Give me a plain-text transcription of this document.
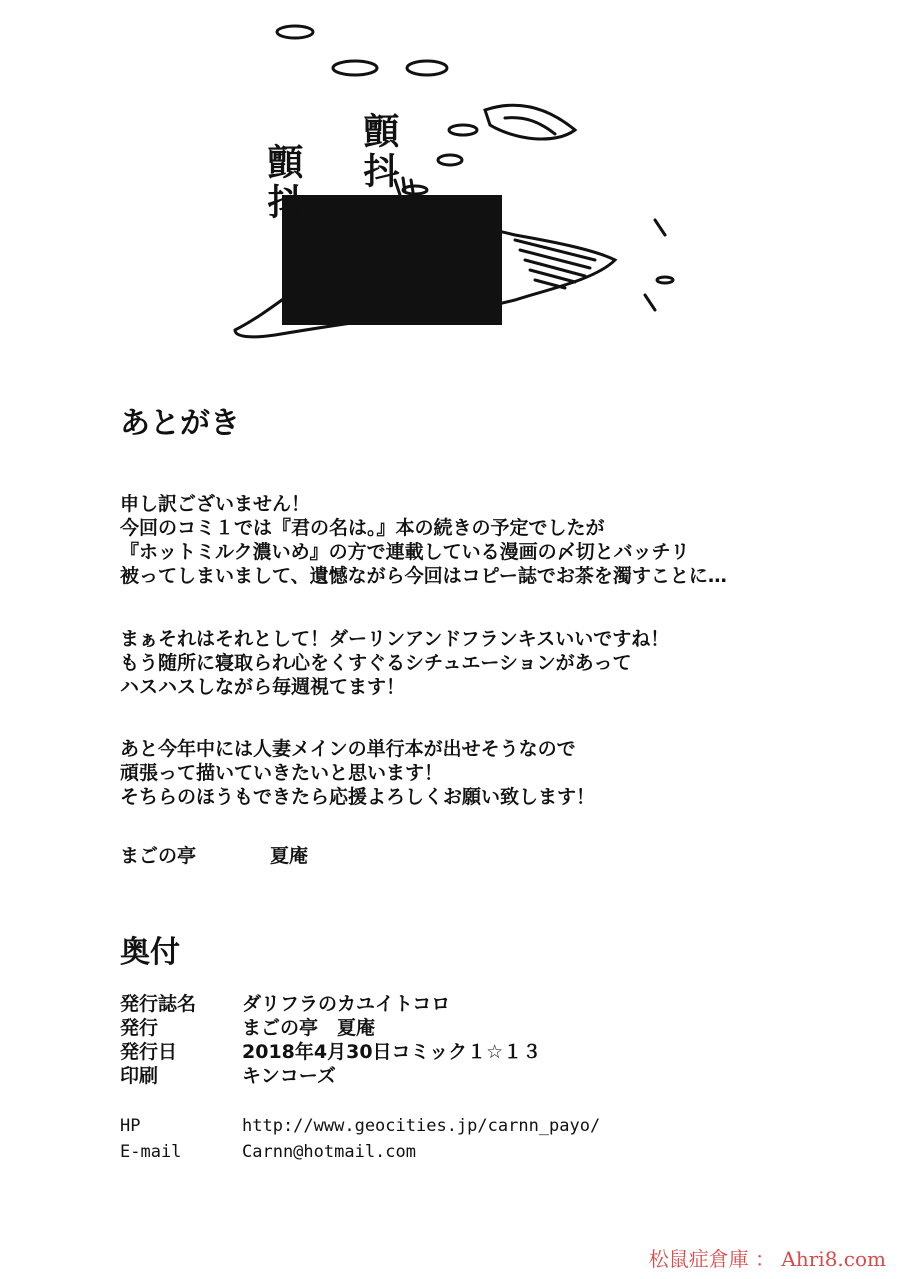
顫抖
顫抖
あとがき
申し訳ございません！
今回のコミ１では『君の名は。』本の続きの予定でしたが
『ホットミルク濃いめ』の方で連載している漫画の〆切とバッチリ
被ってしまいまして、遺憾ながら今回はコピー誌でお茶を濁すことに…
まぁそれはそれとして！ダーリンアンドフランキスいいですね！
もう随所に寝取られ心をくすぐるシチュエーションがあって
ハスハスしながら毎週視てます！
あと今年中には人妻メインの単行本が出せそうなので
頑張って描いていきたいと思います！
そちらのほうもできたら応援よろしくお願い致します！
まごの亭	夏庵
奥付
発行誌名 ダリフラのカユイトコロ
発行	まごの亭　夏庵
発行日	2018年4月30日コミック１☆１３
印刷	キンコーズ
HP	http://www.geocities.jp/carnn_payo/
E-mail	Carnn@hotmail.com
松鼠症倉庫 ： Ahri8.com
